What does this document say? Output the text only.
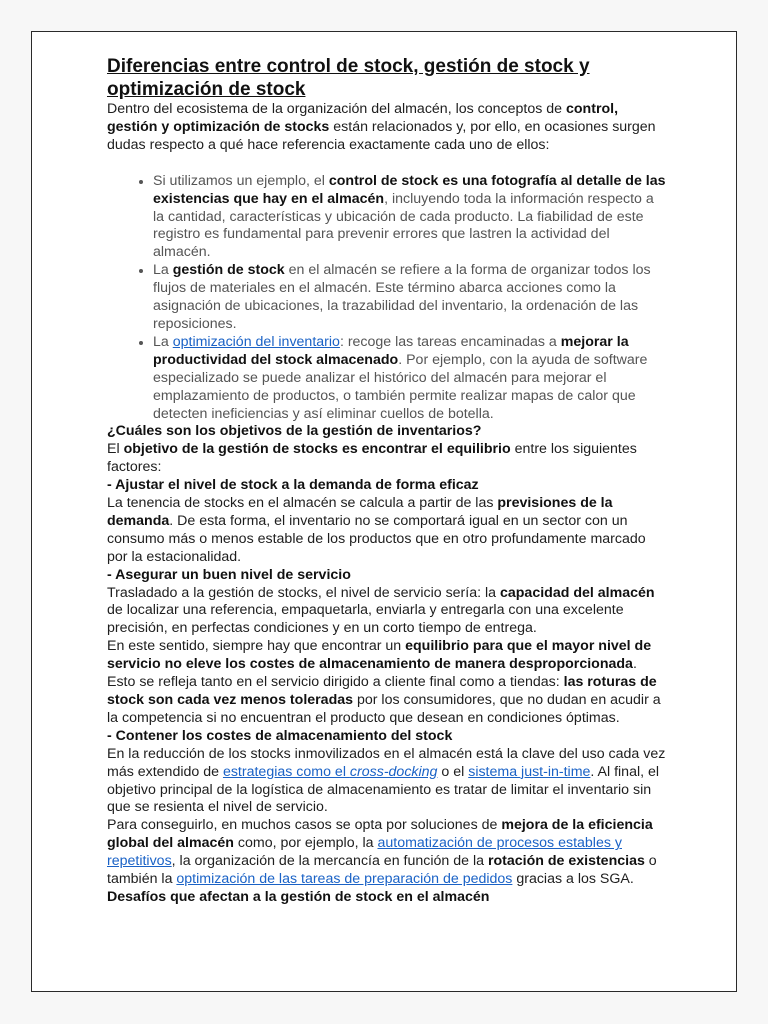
Diferencias entre control de stock, gestión de stock y optimización de stock

Dentro del ecosistema de la organización del almacén, los conceptos de control, gestión y optimización de stocks están relacionados y, por ello, en ocasiones surgen dudas respecto a qué hace referencia exactamente cada uno de ellos:

• Si utilizamos un ejemplo, el control de stock es una fotografía al detalle de las existencias que hay en el almacén, incluyendo toda la información respecto a la cantidad, características y ubicación de cada producto. La fiabilidad de este registro es fundamental para prevenir errores que lastren la actividad del almacén.
• La gestión de stock en el almacén se refiere a la forma de organizar todos los flujos de materiales en el almacén. Este término abarca acciones como la asignación de ubicaciones, la trazabilidad del inventario, la ordenación de las reposiciones.
• La optimización del inventario: recoge las tareas encaminadas a mejorar la productividad del stock almacenado. Por ejemplo, con la ayuda de software especializado se puede analizar el histórico del almacén para mejorar el emplazamiento de productos, o también permite realizar mapas de calor que detecten ineficiencias y así eliminar cuellos de botella.

¿Cuáles son los objetivos de la gestión de inventarios?

El objetivo de la gestión de stocks es encontrar el equilibrio entre los siguientes factores:

- Ajustar el nivel de stock a la demanda de forma eficaz

La tenencia de stocks en el almacén se calcula a partir de las previsiones de la demanda. De esta forma, el inventario no se comportará igual en un sector con un consumo más o menos estable de los productos que en otro profundamente marcado por la estacionalidad.

- Asegurar un buen nivel de servicio

Trasladado a la gestión de stocks, el nivel de servicio sería: la capacidad del almacén de localizar una referencia, empaquetarla, enviarla y entregarla con una excelente precisión, en perfectas condiciones y en un corto tiempo de entrega.

En este sentido, siempre hay que encontrar un equilibrio para que el mayor nivel de servicio no eleve los costes de almacenamiento de manera desproporcionada.

Esto se refleja tanto en el servicio dirigido a cliente final como a tiendas: las roturas de stock son cada vez menos toleradas por los consumidores, que no dudan en acudir a la competencia si no encuentran el producto que desean en condiciones óptimas.

- Contener los costes de almacenamiento del stock

En la reducción de los stocks inmovilizados en el almacén está la clave del uso cada vez más extendido de estrategias como el cross-docking o el sistema just-in-time. Al final, el objetivo principal de la logística de almacenamiento es tratar de limitar el inventario sin que se resienta el nivel de servicio.

Para conseguirlo, en muchos casos se opta por soluciones de mejora de la eficiencia global del almacén como, por ejemplo, la automatización de procesos estables y repetitivos, la organización de la mercancía en función de la rotación de existencias o también la optimización de las tareas de preparación de pedidos gracias a los SGA.

Desafíos que afectan a la gestión de stock en el almacén
